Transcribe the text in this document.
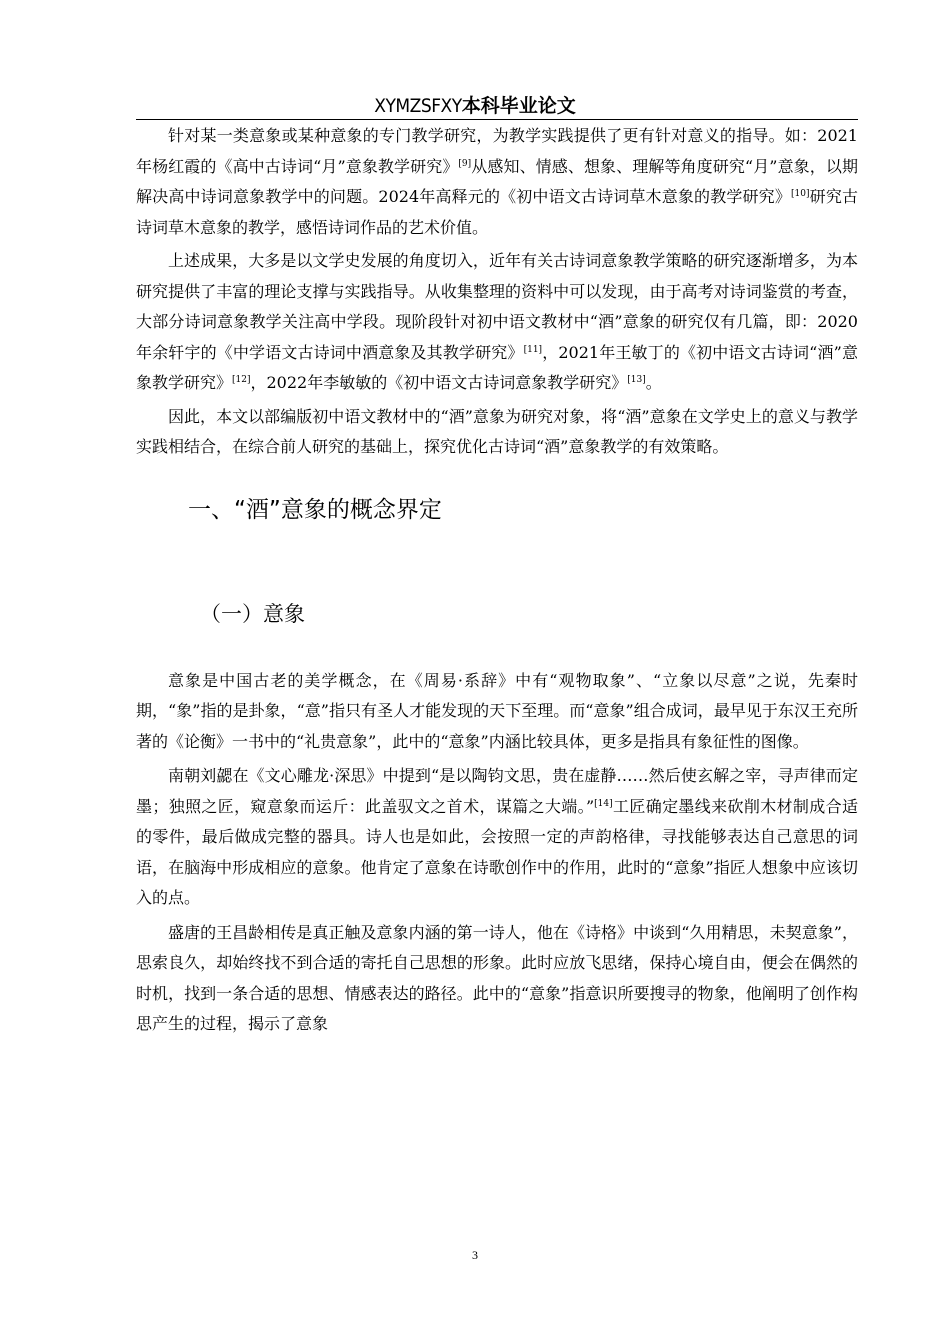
XYMZSFXY本科毕业论文

针对某一类意象或某种意象的专门教学研究，为教学实践提供了更有针对意义的指导。如：2021年杨红霞的《高中古诗词“月”意象教学研究》[9]从感知、情感、想象、理解等角度研究“月”意象，以期解决高中诗词意象教学中的问题。2024年高释元的《初中语文古诗词草木意象的教学研究》[10]研究古诗词草木意象的教学，感悟诗词作品的艺术价值。

上述成果，大多是以文学史发展的角度切入，近年有关古诗词意象教学策略的研究逐渐增多，为本研究提供了丰富的理论支撑与实践指导。从收集整理的资料中可以发现，由于高考对诗词鉴赏的考查，大部分诗词意象教学关注高中学段。现阶段针对初中语文教材中“酒”意象的研究仅有几篇，即：2020年余轩宇的《中学语文古诗词中酒意象及其教学研究》[11]，2021年王敏丁的《初中语文古诗词“酒”意象教学研究》[12]，2022年李敏敏的《初中语文古诗词意象教学研究》[13]。

因此，本文以部编版初中语文教材中的“酒”意象为研究对象，将“酒”意象在文学史上的意义与教学实践相结合，在综合前人研究的基础上，探究优化古诗词“酒”意象教学的有效策略。

一、“酒”意象的概念界定
（一）意象

意象是中国古老的美学概念，在《周易·系辞》中有“观物取象”、“立象以尽意”之说，先秦时期，“象”指的是卦象，“意”指只有圣人才能发现的天下至理。而“意象”组合成词，最早见于东汉王充所著的《论衡》一书中的“礼贵意象”，此中的“意象”内涵比较具体，更多是指具有象征性的图像。

南朝刘勰在《文心雕龙·深思》中提到“是以陶钧文思，贵在虚静……然后使玄解之宰，寻声律而定墨；独照之匠，窥意象而运斤：此盖驭文之首术，谋篇之大端。”[14]工匠确定墨线来砍削木材制成合适的零件，最后做成完整的器具。诗人也是如此，会按照一定的声韵格律，寻找能够表达自己意思的词语，在脑海中形成相应的意象。他肯定了意象在诗歌创作中的作用，此时的“意象”指匠人想象中应该切入的点。

盛唐的王昌龄相传是真正触及意象内涵的第一诗人，他在《诗格》中谈到“久用精思，未契意象”，思索良久，却始终找不到合适的寄托自己思想的形象。此时应放飞思绪，保持心境自由，便会在偶然的时机，找到一条合适的思想、情感表达的路径。此中的“意象”指意识所要搜寻的物象，他阐明了创作构思产生的过程，揭示了意象

3
